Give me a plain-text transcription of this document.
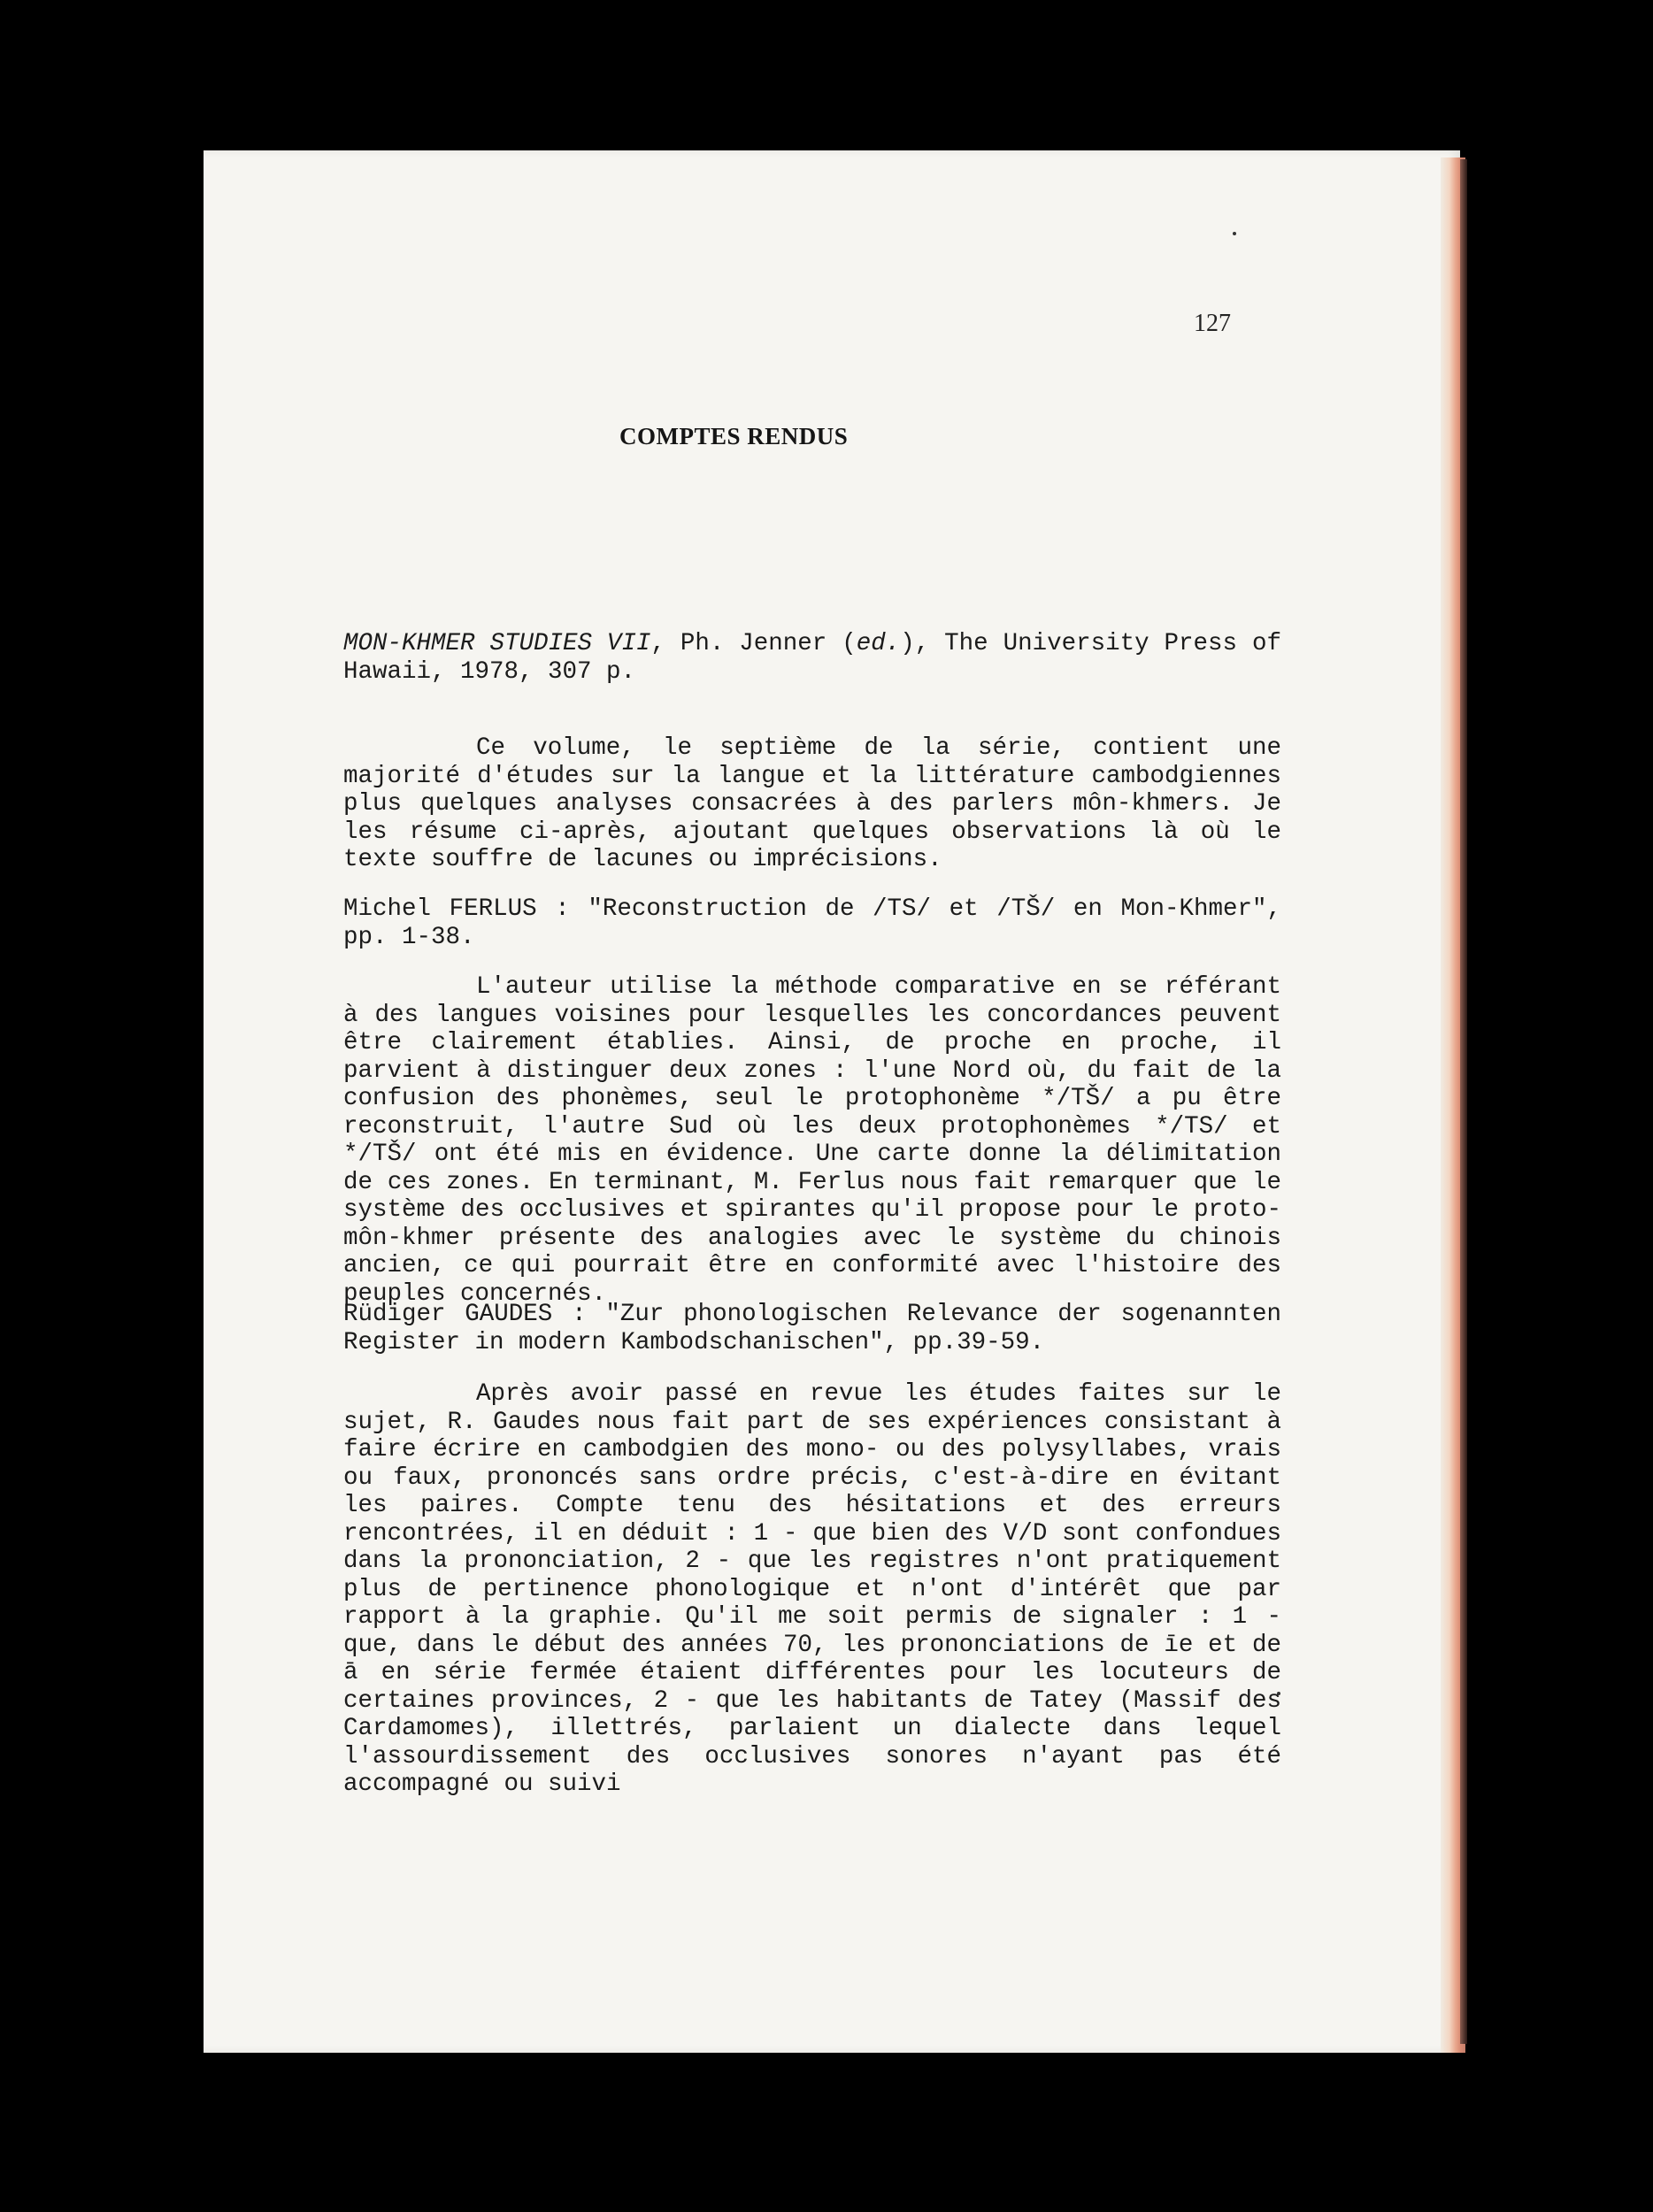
127
COMPTES RENDUS

MON-KHMER STUDIES VII, Ph. Jenner (ed.), The University Press of Hawaii, 1978, 307 p.

Ce volume, le septième de la série, contient une majorité d'études sur la langue et la littérature cambodgiennes plus quelques analyses consacrées à des parlers môn-khmers. Je les résume ci-après, ajoutant quelques observations là où le texte souffre de lacunes ou imprécisions.

Michel FERLUS : "Reconstruction de /TS/ et /TŠ/ en Mon-Khmer", pp. 1-38.

L'auteur utilise la méthode comparative en se référant à des langues voisines pour lesquelles les concordances peuvent être clairement établies. Ainsi, de proche en proche, il parvient à distinguer deux zones : l'une Nord où, du fait de la confusion des phonèmes, seul le protophonème */TŠ/ a pu être reconstruit, l'autre Sud où les deux protophonèmes */TS/ et */TŠ/ ont été mis en évidence. Une carte donne la délimitation de ces zones. En terminant, M. Ferlus nous fait remarquer que le système des occlusives et spirantes qu'il propose pour le proto-môn-khmer présente des analogies avec le système du chinois ancien, ce qui pourrait être en conformité avec l'histoire des peuples concernés.

Rüdiger GAUDES : "Zur phonologischen Relevance der sogenannten Register in modern Kambodschanischen", pp.39-59.

Après avoir passé en revue les études faites sur le sujet, R. Gaudes nous fait part de ses expériences consistant à faire écrire en cambodgien des mono- ou des polysyllabes, vrais ou faux, prononcés sans ordre précis, c'est-à-dire en évitant les paires. Compte tenu des hésitations et des erreurs rencontrées, il en déduit : 1 - que bien des V/D sont confondues dans la prononciation, 2 - que les registres n'ont pratiquement plus de pertinence phonologique et n'ont d'intérêt que par rapport à la graphie. Qu'il me soit permis de signaler : 1 - que, dans le début des années 70, les prononciations de īe et de ā en série fermée étaient différentes pour les locuteurs de certaines provinces, 2 - que les habitants de Tatey (Massif des Cardamomes), illettrés, parlaient un dialecte dans lequel l'assourdissement des occlusives sonores n'ayant pas été accompagné ou suivi
